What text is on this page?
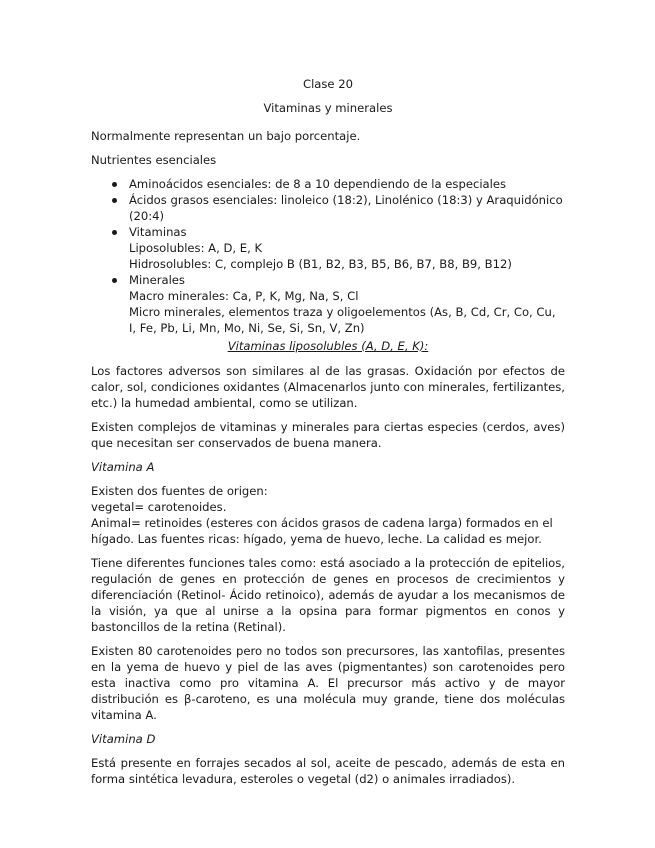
Clase 20
Vitaminas y minerales
Normalmente representan un bajo porcentaje.
Nutrientes esenciales
Aminoácidos esenciales: de 8 a 10 dependiendo de la especiales
Ácidos grasos esenciales: linoleico (18:2), Linolénico (18:3) y Araquidónico (20:4)
Vitaminas
Liposolubles: A, D, E, K
Hidrosolubles: C, complejo B (B1, B2, B3, B5, B6, B7, B8, B9, B12)
Minerales
Macro minerales: Ca, P, K, Mg, Na, S, Cl
Micro minerales, elementos traza y oligoelementos (As, B, Cd, Cr, Co, Cu, I, Fe, Pb, Li, Mn, Mo, Ni, Se, Si, Sn, V, Zn)
Vitaminas liposolubles (A, D, E, K):

Los factores adversos son similares al de las grasas. Oxidación por efectos de calor, sol, condiciones oxidantes (Almacenarlos junto con minerales, fertilizantes, etc.) la humedad ambiental, como se utilizan.

Existen complejos de vitaminas y minerales para ciertas especies (cerdos, aves) que necesitan ser conservados de buena manera.

Vitamina A
Existen dos fuentes de origen:
vegetal= carotenoides.
Animal= retinoides (esteres con ácidos grasos de cadena larga) formados en el hígado. Las fuentes ricas: hígado, yema de huevo, leche. La calidad es mejor.

Tiene diferentes funciones tales como: está asociado a la protección de epitelios, regulación de genes en protección de genes en procesos de crecimientos y diferenciación (Retinol- Ácido retinoico), además de ayudar a los mecanismos de la visión, ya que al unirse a la opsina para formar pigmentos en conos y bastoncillos de la retina (Retinal).

Existen 80 carotenoides pero no todos son precursores, las xantofilas, presentes en la yema de huevo y piel de las aves (pigmentantes) son carotenoides pero esta inactiva como pro vitamina A. El precursor más activo y de mayor distribución es β-caroteno, es una molécula muy grande, tiene dos moléculas vitamina A.

Vitamina D

Está presente en forrajes secados al sol, aceite de pescado, además de esta en forma sintética levadura, esteroles o vegetal (d2) o animales irradiados).
